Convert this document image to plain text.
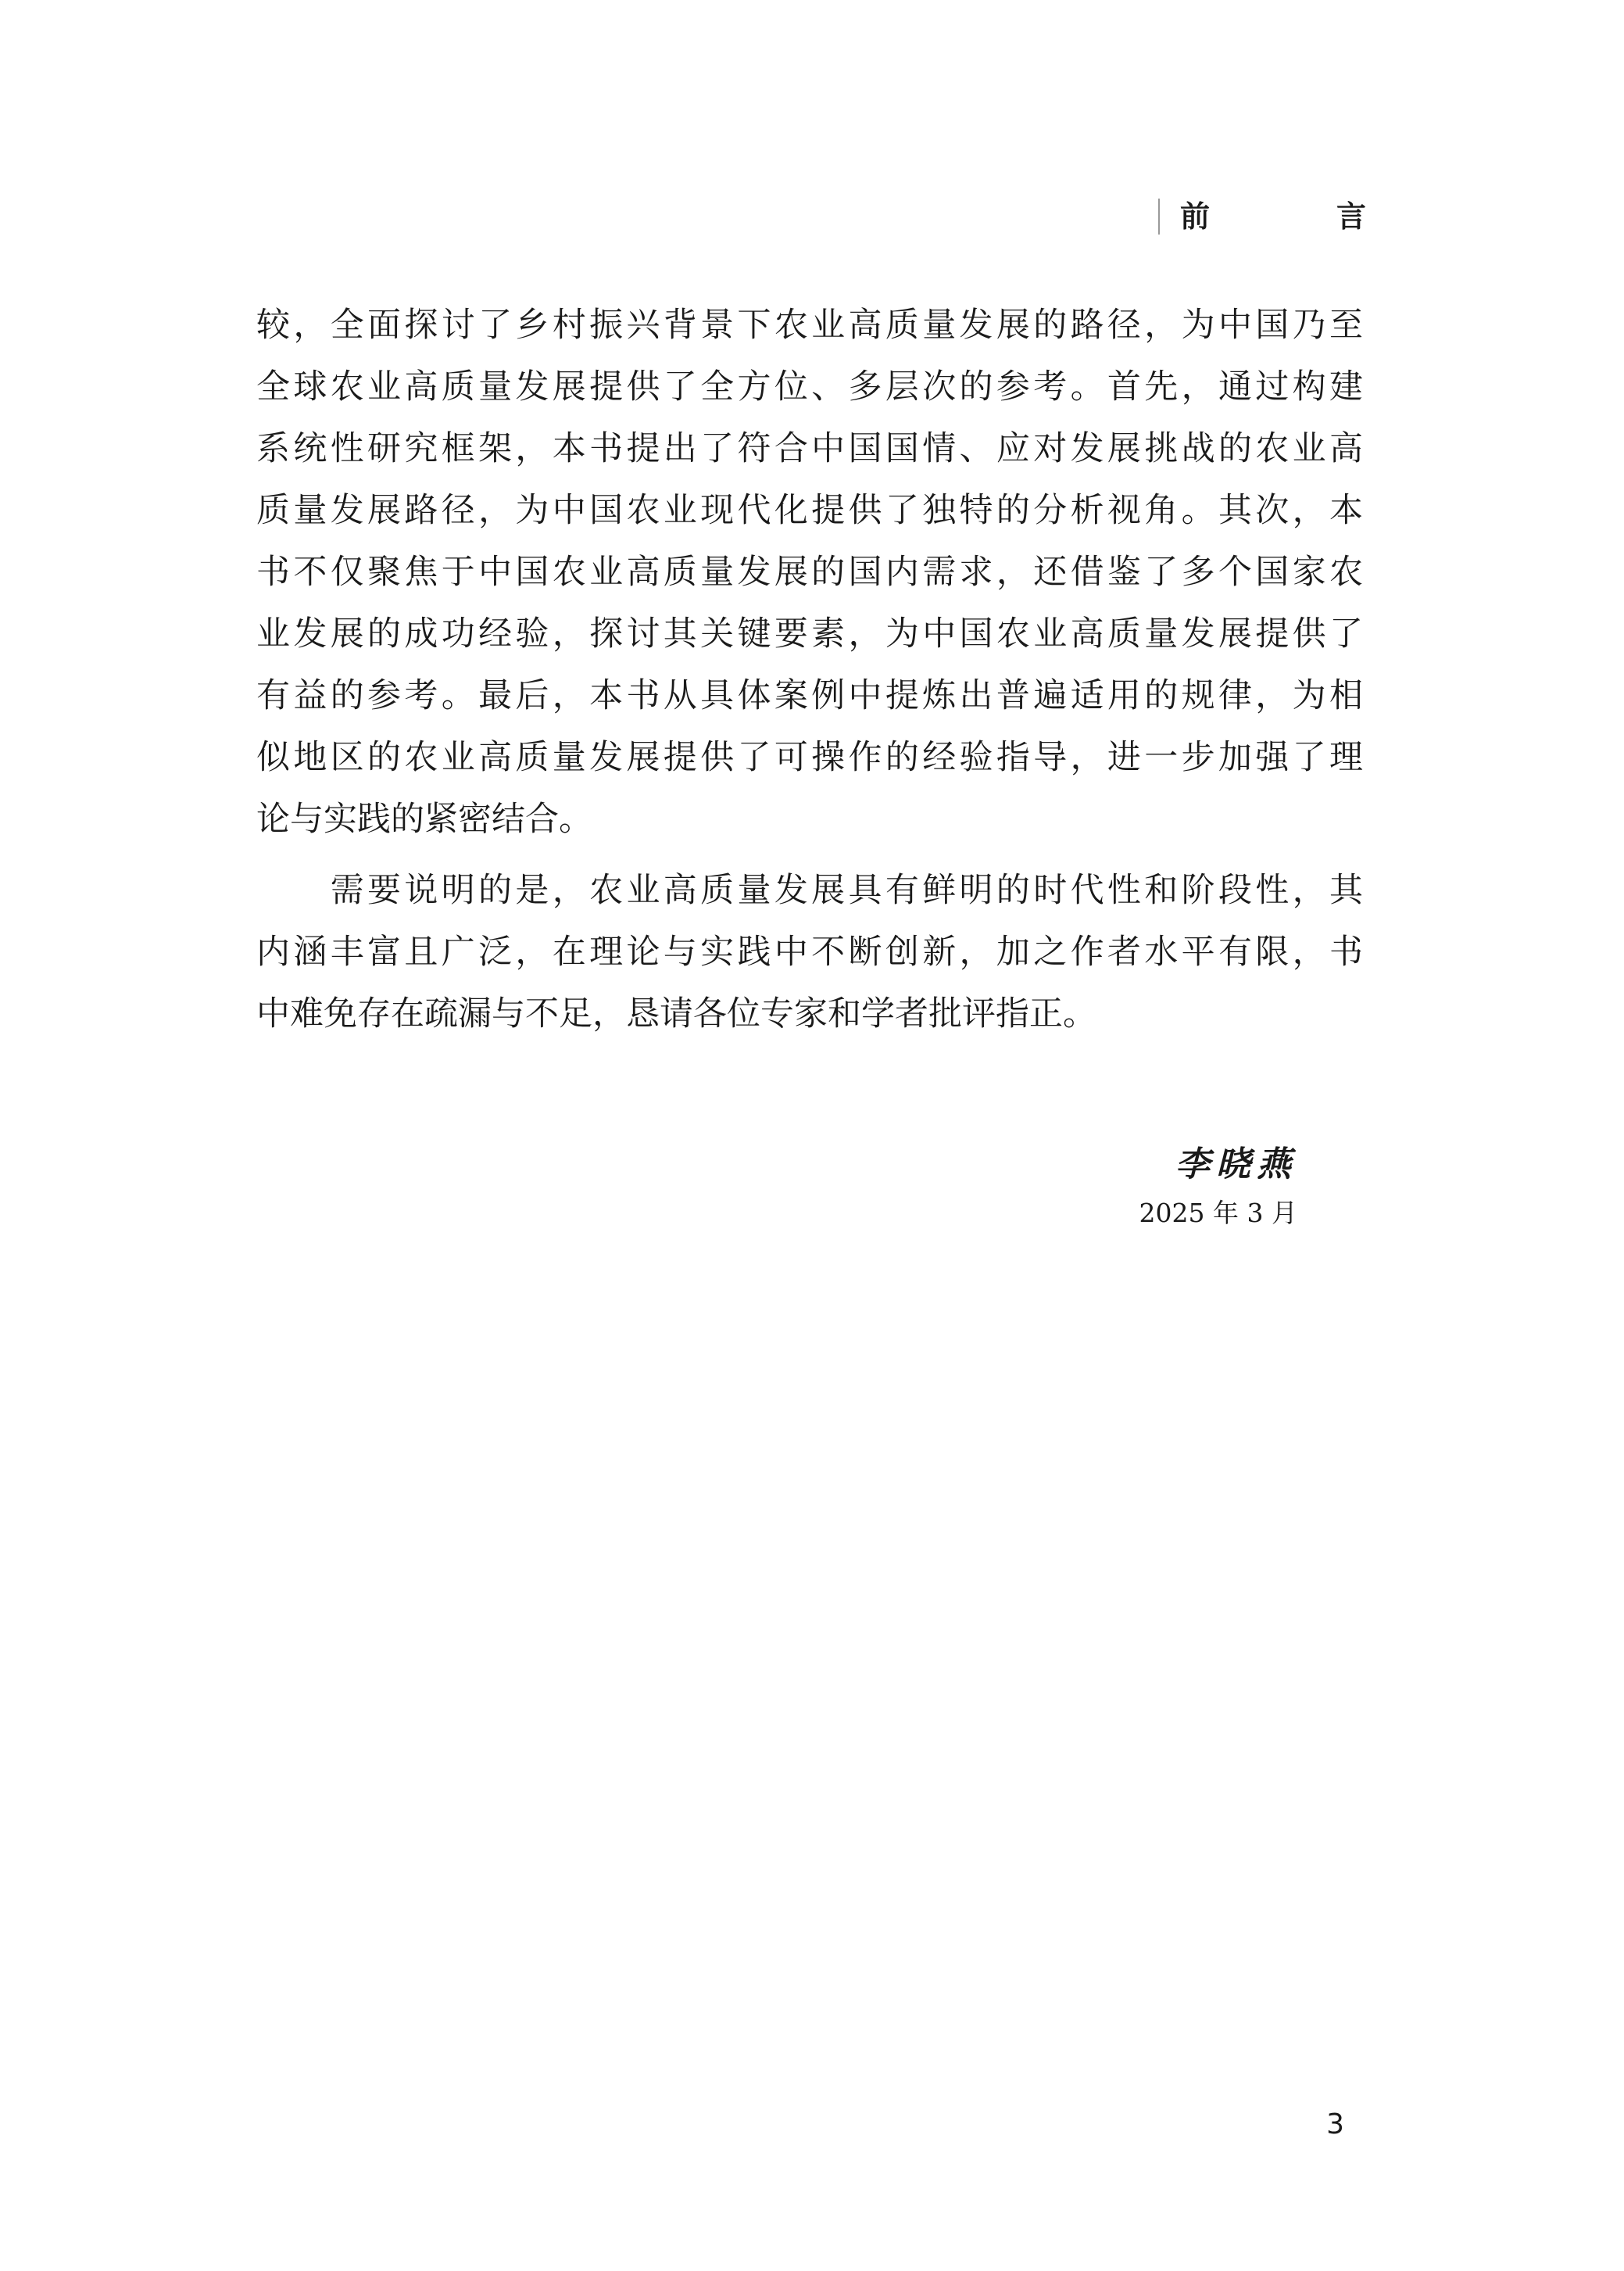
前　言
较，全面探讨了乡村振兴背景下农业高质量发展的路径，为中国乃至
全球农业高质量发展提供了全方位、多层次的参考。首先，通过构建
系统性研究框架，本书提出了符合中国国情、应对发展挑战的农业高
质量发展路径，为中国农业现代化提供了独特的分析视角。其次，本
书不仅聚焦于中国农业高质量发展的国内需求，还借鉴了多个国家农
业发展的成功经验，探讨其关键要素，为中国农业高质量发展提供了
有益的参考。最后，本书从具体案例中提炼出普遍适用的规律，为相
似地区的农业高质量发展提供了可操作的经验指导，进一步加强了理
论与实践的紧密结合。
　　需要说明的是，农业高质量发展具有鲜明的时代性和阶段性，其
内涵丰富且广泛，在理论与实践中不断创新，加之作者水平有限，书
中难免存在疏漏与不足，恳请各位专家和学者批评指正。
李晓燕
2025 年 3 月
3
